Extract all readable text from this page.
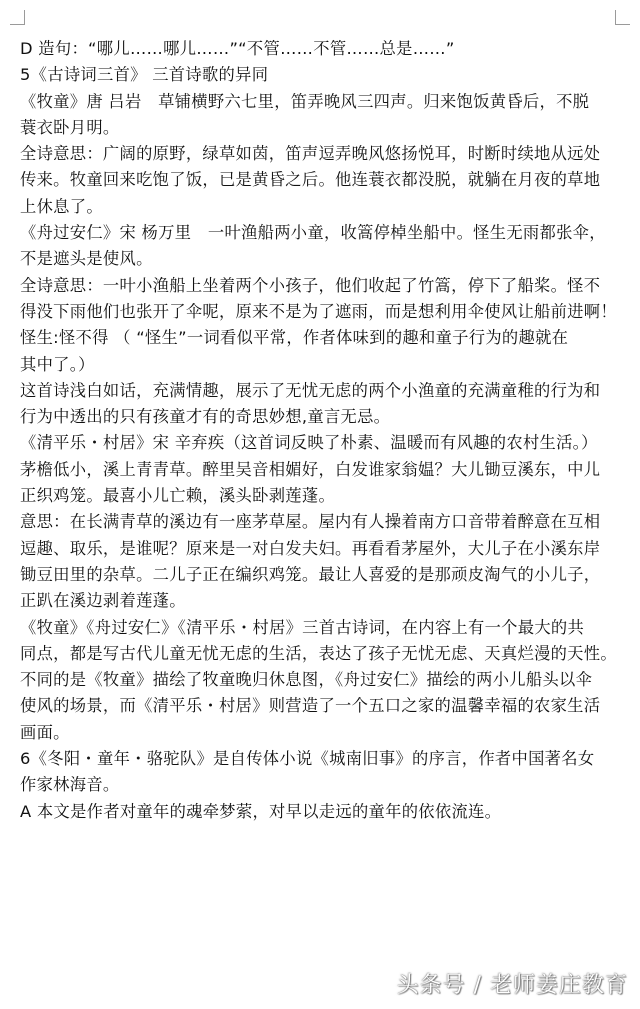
D 造句：“哪儿……哪儿……”“不管……不管……总是……”

5《古诗词三首》 三首诗歌的异同

《牧童》唐 吕岩　草铺横野六七里，笛弄晚风三四声。归来饱饭黄昏后，不脱

蓑衣卧月明。

全诗意思：广阔的原野，绿草如茵，笛声逗弄晚风悠扬悦耳，时断时续地从远处

传来。牧童回来吃饱了饭，已是黄昏之后。他连蓑衣都没脱，就躺在月夜的草地

上休息了。

《舟过安仁》宋 杨万里　一叶渔船两小童，收篙停棹坐船中。怪生无雨都张伞，

不是遮头是使风。

全诗意思：一叶小渔船上坐着两个小孩子，他们收起了竹篙，停下了船桨。怪不

得没下雨他们也张开了伞呢，原来不是为了遮雨，而是想利用伞使风让船前进啊！

怪生:怪不得 （ “怪生”一词看似平常，作者体味到的趣和童子行为的趣就在

其中了。）

这首诗浅白如话，充满情趣，展示了无忧无虑的两个小渔童的充满童稚的行为和

行为中透出的只有孩童才有的奇思妙想,童言无忌。

《清平乐・村居》宋 辛弃疾（这首词反映了朴素、温暖而有风趣的农村生活。）

茅檐低小，溪上青青草。醉里吴音相媚好，白发谁家翁媪？大儿锄豆溪东，中儿

正织鸡笼。最喜小儿亡赖，溪头卧剥莲蓬。

意思：在长满青草的溪边有一座茅草屋。屋内有人操着南方口音带着醉意在互相

逗趣、取乐，是谁呢？原来是一对白发夫妇。再看看茅屋外，大儿子在小溪东岸

锄豆田里的杂草。二儿子正在编织鸡笼。最让人喜爱的是那顽皮淘气的小儿子，

正趴在溪边剥着莲蓬。

《牧童》《舟过安仁》《清平乐・村居》三首古诗词，在内容上有一个最大的共

同点，都是写古代儿童无忧无虑的生活，表达了孩子无忧无虑、天真烂漫的天性。

不同的是《牧童》描绘了牧童晚归休息图，《舟过安仁》描绘的两小儿船头以伞

使风的场景，而《清平乐・村居》则营造了一个五口之家的温馨幸福的农家生活

画面。

6《冬阳・童年・骆驼队》是自传体小说《城南旧事》的序言，作者中国著名女

作家林海音。

A 本文是作者对童年的魂牵梦萦，对早以走远的童年的依依流连。

头条号 / 老师姜庄教育
